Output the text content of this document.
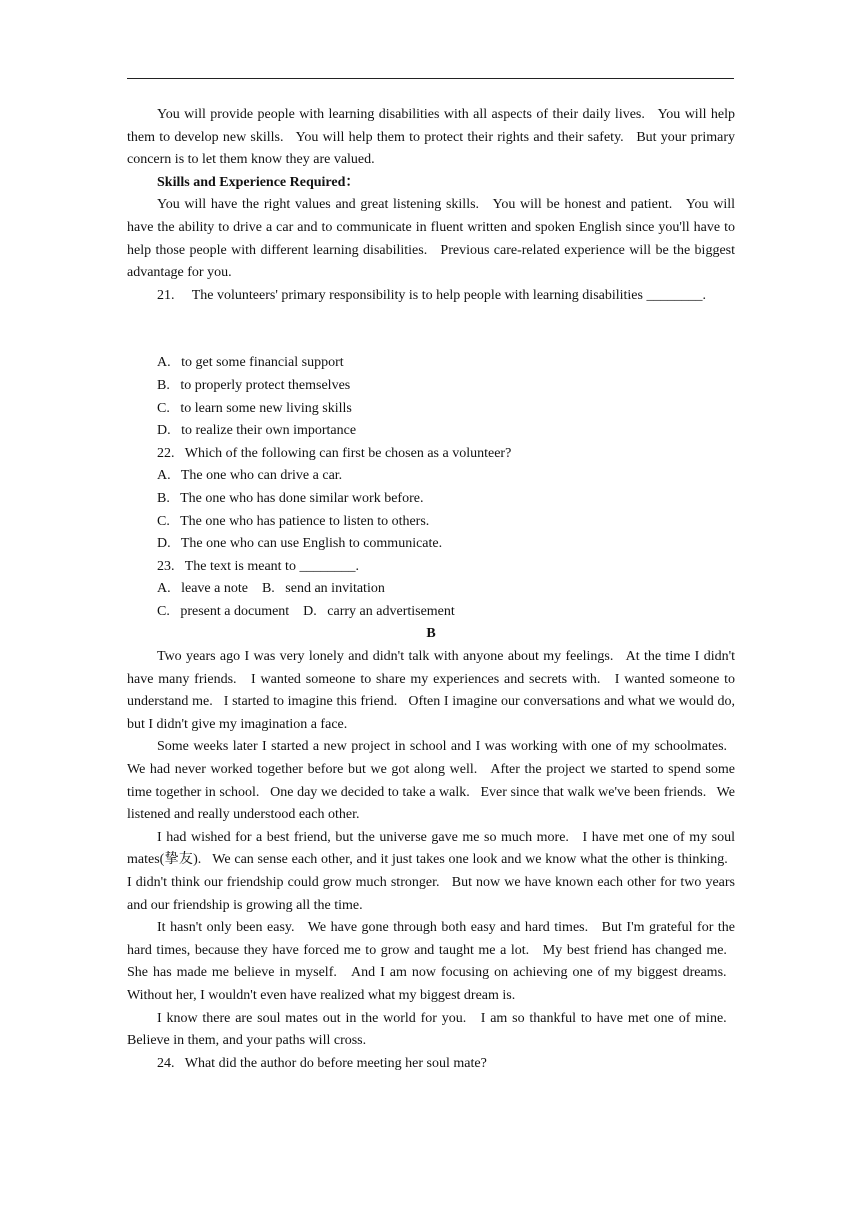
You will provide people with learning disabilities with all aspects of their daily lives.   You will help them to develop new skills.   You will help them to protect their rights and their safety.   But your primary concern is to let them know they are valued.

Skills and Experience Required：

You will have the right values and great listening skills.   You will be honest and patient.   You will have the ability to drive a car and to communicate in fluent written and spoken English since you'll have to help those people with different learning disabilities.   Previous care-related experience will be the biggest advantage for you.

21.     The volunteers' primary responsibility is to help people with learning disabilities ________.

A.   to get some financial support

B.   to properly protect themselves

C.   to learn some new living skills

D.   to realize their own importance

22.   Which of the following can first be chosen as a volunteer?

A.   The one who can drive a car.

B.   The one who has done similar work before.

C.   The one who has patience to listen to others.

D.   The one who can use English to communicate.

23.   The text is meant to ________.

A.   leave a note    B.   send an invitation

C.   present a document    D.   carry an advertisement

B

Two years ago I was very lonely and didn't talk with anyone about my feelings.   At the time I didn't have many friends.   I wanted someone to share my experiences and secrets with.   I wanted someone to understand me.   I started to imagine this friend.   Often I imagine our conversations and what we would do, but I didn't give my imagination a face.

Some weeks later I started a new project in school and I was working with one of my schoolmates.   We had never worked together before but we got along well.   After the project we started to spend some time together in school.   One day we decided to take a walk.   Ever since that walk we've been friends.   We listened and really understood each other.

I had wished for a best friend, but the universe gave me so much more.   I have met one of my soul mates(挚友).   We can sense each other, and it just takes one look and we know what the other is thinking.   I didn't think our friendship could grow much stronger.   But now we have known each other for two years and our friendship is growing all the time.

It hasn't only been easy.   We have gone through both easy and hard times.   But I'm grateful for the hard times, because they have forced me to grow and taught me a lot.   My best friend has changed me.   She has made me believe in myself.   And I am now focusing on achieving one of my biggest dreams.   Without her, I wouldn't even have realized what my biggest dream is.

I know there are soul mates out in the world for you.   I am so thankful to have met one of mine.   Believe in them, and your paths will cross.

24.   What did the author do before meeting her soul mate?
